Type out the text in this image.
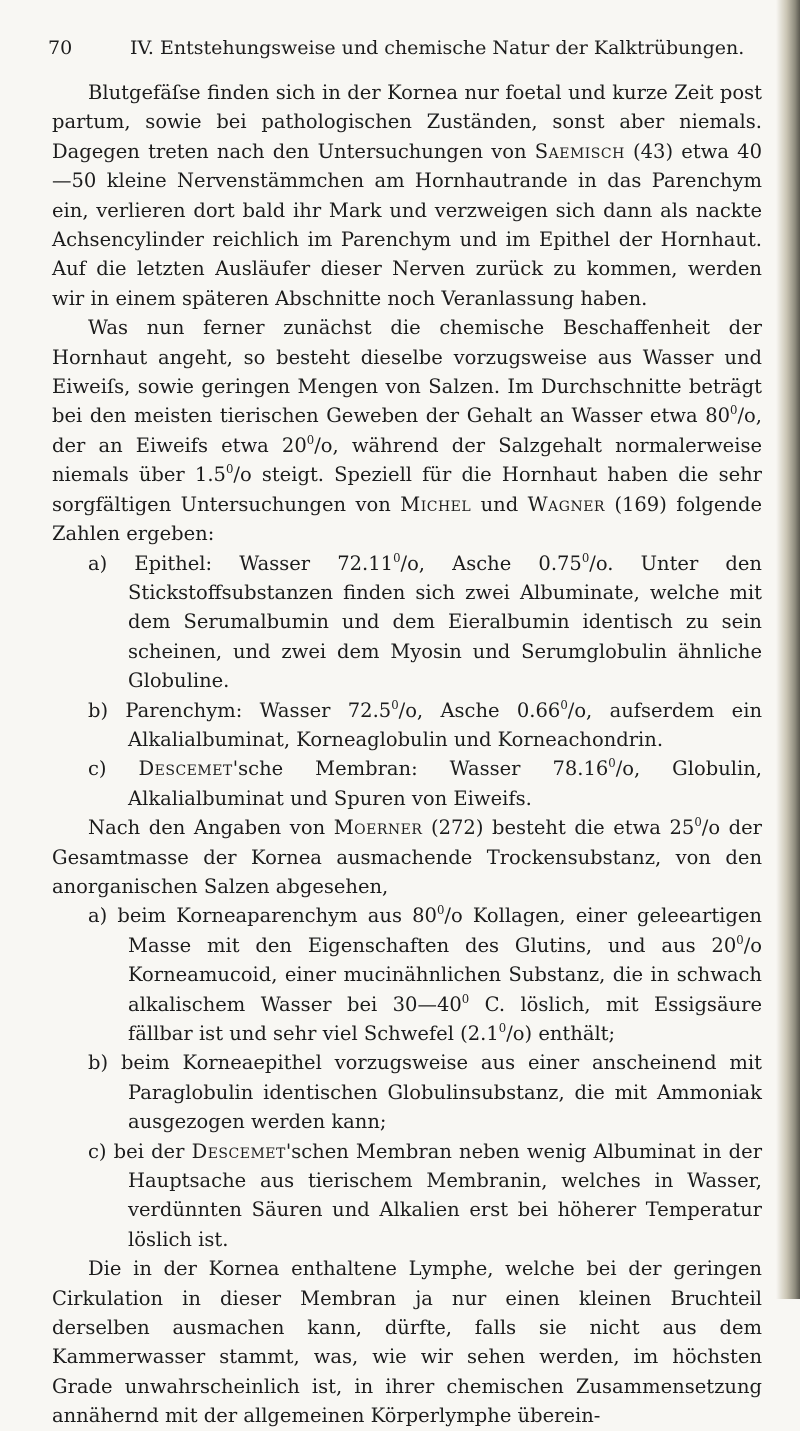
70	IV. Entstehungsweise und chemische Natur der Kalktrübungen.

Blutgefäſse finden sich in der Kornea nur foetal und kurze Zeit post partum, sowie bei pathologischen Zuständen, sonst aber niemals. Dagegen treten nach den Untersuchungen von Saemisch (43) etwa 40—50 kleine Nervenstämmchen am Hornhautrande in das Parenchym ein, verlieren dort bald ihr Mark und verzweigen sich dann als nackte Achsencylinder reichlich im Parenchym und im Epithel der Hornhaut. Auf die letzten Ausläufer dieser Nerven zurück zu kommen, werden wir in einem späteren Abschnitte noch Veranlassung haben.

Was nun ferner zunächst die chemische Beschaffenheit der Hornhaut angeht, so besteht dieselbe vorzugsweise aus Wasser und Eiweiſs, sowie geringen Mengen von Salzen. Im Durchschnitte beträgt bei den meisten tierischen Geweben der Gehalt an Wasser etwa $80^0/o$, der an Eiweifs etwa $20^0/o$, während der Salzgehalt normalerweise niemals über $1.5^0/o$ steigt. Speziell für die Hornhaut haben die sehr sorgfältigen Untersuchungen von Michel und Wagner (169) folgende Zahlen ergeben:

a) Epithel: Wasser 72.11$^0$/o, Asche 0.75$^0$/o. Unter den Stickstoffsubstanzen finden sich zwei Albuminate, welche mit dem Serumalbumin und dem Eieralbumin identisch zu sein scheinen, und zwei dem Myosin und Serumglobulin ähnliche Globuline.

b) Parenchym: Wasser 72.5$^0$/o, Asche 0.66$^0$/o, aufserdem ein Alkalialbuminat, Korneaglobulin und Korneachondrin.

c) Descemet'sche Membran: Wasser 78.16$^0$/o, Globulin, Alkalialbuminat und Spuren von Eiweifs.

Nach den Angaben von Moerner (272) besteht die etwa $25^0/o$ der Gesamtmasse der Kornea ausmachende Trockensubstanz, von den anorganischen Salzen abgesehen,

a) beim Korneaparenchym aus $80^0/o$ Kollagen, einer geleeartigen Masse mit den Eigenschaften des Glutins, und aus $20^0/o$ Korneamucoid, einer mucinähnlichen Substanz, die in schwach alkalischem Wasser bei $30—40^0$ C. löslich, mit Essigsäure fällbar ist und sehr viel Schwefel $(2.1^0/o)$ enthält;

b) beim Korneaepithel vorzugsweise aus einer anscheinend mit Paraglobulin identischen Globulinsubstanz, die mit Ammoniak ausgezogen werden kann;

c) bei der Descemet'schen Membran neben wenig Albuminat in der Hauptsache aus tierischem Membranin, welches in Wasser, verdünnten Säuren und Alkalien erst bei höherer Temperatur löslich ist.

Die in der Kornea enthaltene Lymphe, welche bei der geringen Cirkulation in dieser Membran ja nur einen kleinen Bruchteil derselben ausmachen kann, dürfte, falls sie nicht aus dem Kammerwasser stammt, was, wie wir sehen werden, im höchsten Grade unwahrscheinlich ist, in ihrer chemischen Zusammensetzung annähernd mit der allgemeinen Körperlymphe überein-
